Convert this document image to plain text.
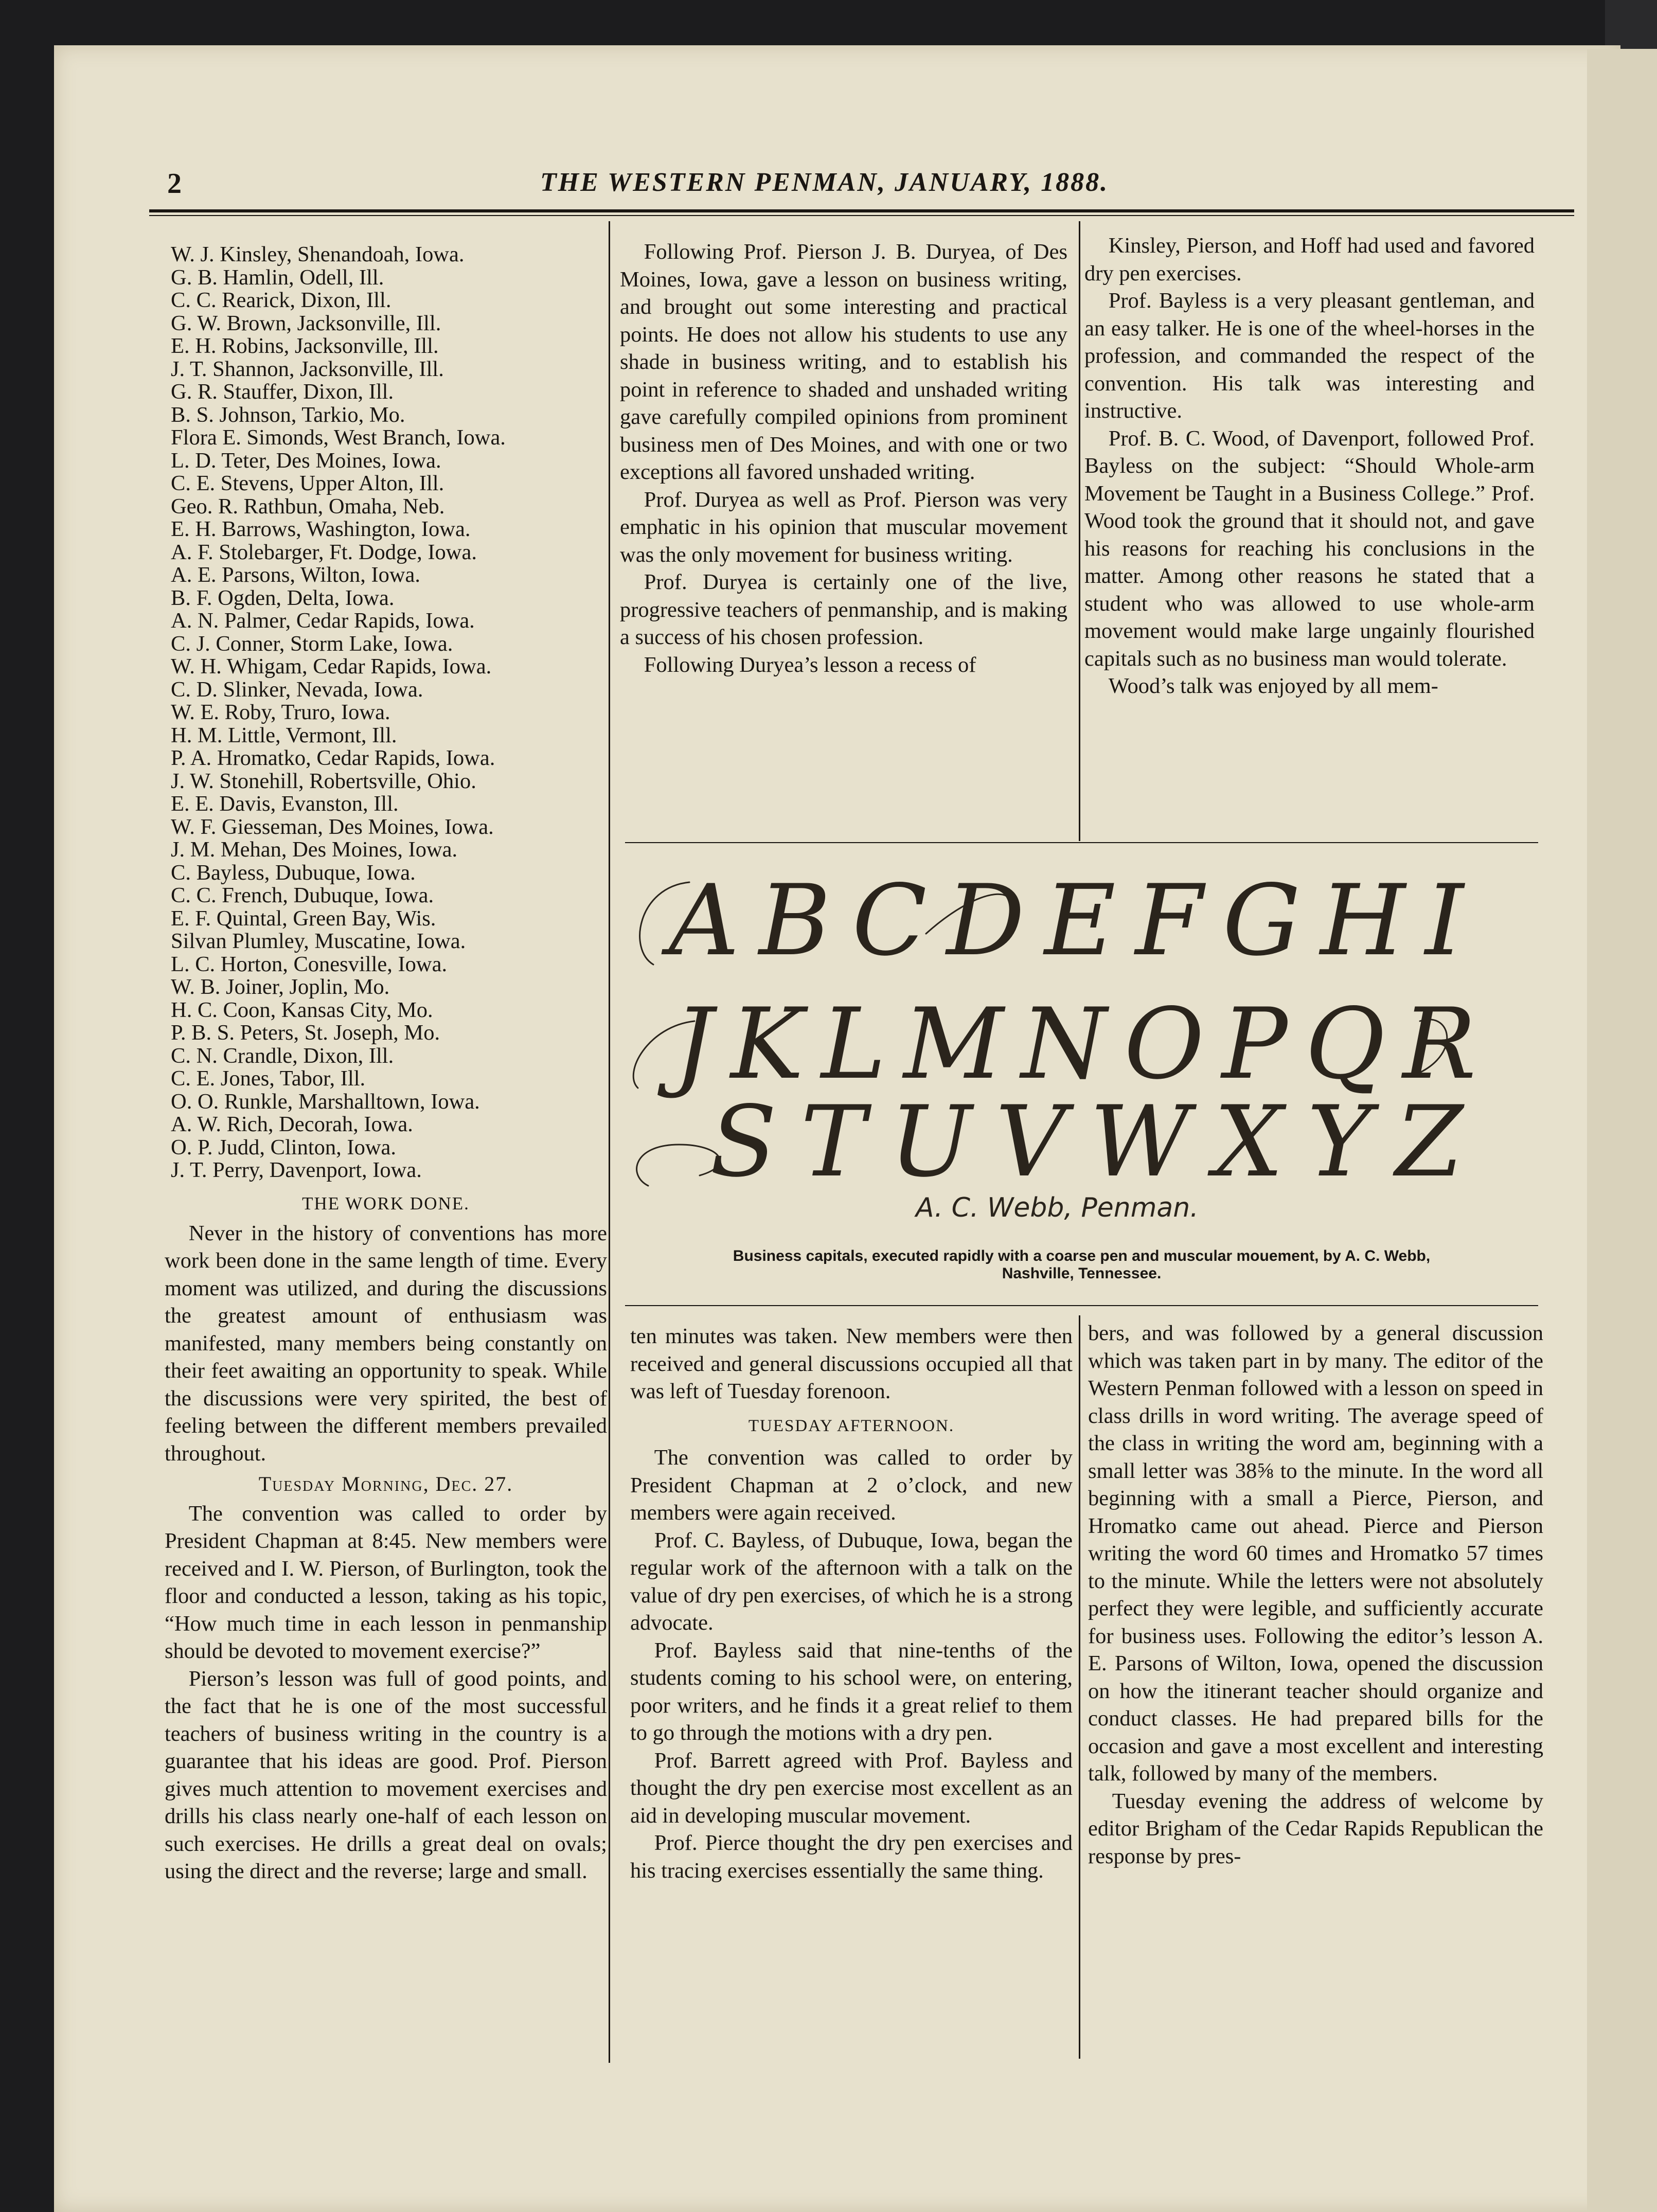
2	THE WESTERN PENMAN, JANUARY, 1888.
W. J. Kinsley, Shenandoah, Iowa.
G. B. Hamlin, Odell, Ill.
C. C. Rearick, Dixon, Ill.
G. W. Brown, Jacksonville, Ill.
E. H. Robins, Jacksonville, Ill.
J. T. Shannon, Jacksonville, Ill.
G. R. Stauffer, Dixon, Ill.
B. S. Johnson, Tarkio, Mo.
Flora E. Simonds, West Branch, Iowa.
L. D. Teter, Des Moines, Iowa.
C. E. Stevens, Upper Alton, Ill.
Geo. R. Rathbun, Omaha, Neb.
E. H. Barrows, Washington, Iowa.
A. F. Stolebarger, Ft. Dodge, Iowa.
A. E. Parsons, Wilton, Iowa.
B. F. Ogden, Delta, Iowa.
A. N. Palmer, Cedar Rapids, Iowa.
C. J. Conner, Storm Lake, Iowa.
W. H. Whigam, Cedar Rapids, Iowa.
C. D. Slinker, Nevada, Iowa.
W. E. Roby, Truro, Iowa.
H. M. Little, Vermont, Ill.
P. A. Hromatko, Cedar Rapids, Iowa.
J. W. Stonehill, Robertsville, Ohio.
E. E. Davis, Evanston, Ill.
W. F. Giesseman, Des Moines, Iowa.
J. M. Mehan, Des Moines, Iowa.
C. Bayless, Dubuque, Iowa.
C. C. French, Dubuque, Iowa.
E. F. Quintal, Green Bay, Wis.
Silvan Plumley, Muscatine, Iowa.
L. C. Horton, Conesville, Iowa.
W. B. Joiner, Joplin, Mo.
H. C. Coon, Kansas City, Mo.
P. B. S. Peters, St. Joseph, Mo.
C. N. Crandle, Dixon, Ill.
C. E. Jones, Tabor, Ill.
O. O. Runkle, Marshalltown, Iowa.
A. W. Rich, Decorah, Iowa.
O. P. Judd, Clinton, Iowa.
J. T. Perry, Davenport, Iowa.

THE WORK DONE.

Never in the history of conventions has more work been done in the same length of time. Every moment was utilized, and during the discussions the greatest amount of enthusiasm was manifested, many members being constantly on their feet awaiting an opportunity to speak. While the discussions were very spirited, the best of feeling between the different members prevailed throughout.

Tuesday Morning, Dec. 27.

The convention was called to order by President Chapman at 8:45. New members were received and I. W. Pierson, of Burlington, took the floor and conducted a lesson, taking as his topic, “How much time in each lesson in penmanship should be devoted to movement exercise?”

Pierson’s lesson was full of good points, and the fact that he is one of the most successful teachers of business writing in the country is a guarantee that his ideas are good. Prof. Pierson gives much attention to movement exercises and drills his class nearly one-half of each lesson on such exercises. He drills a great deal on ovals; using the direct and the reverse; large and small.

Following Prof. Pierson J. B. Duryea, of Des Moines, Iowa, gave a lesson on business writing, and brought out some interesting and practical points. He does not allow his students to use any shade in business writing, and to establish his point in reference to shaded and unshaded writing gave carefully compiled opinions from prominent business men of Des Moines, and with one or two exceptions all favored unshaded writing.

Prof. Duryea as well as Prof. Pierson was very emphatic in his opinion that muscular movement was the only movement for business writing.

Prof. Duryea is certainly one of the live, progressive teachers of penmanship, and is making a success of his chosen profession.

Following Duryea’s lesson a recess of

Kinsley, Pierson, and Hoff had used and favored dry pen exercises.

Prof. Bayless is a very pleasant gentleman, and an easy talker. He is one of the wheel-horses in the profession, and commanded the respect of the convention. His talk was interesting and instructive.

Prof. B. C. Wood, of Davenport, followed Prof. Bayless on the subject: “Should Whole-arm Movement be Taught in a Business College.” Prof. Wood took the ground that it should not, and gave his reasons for reaching his conclusions in the matter. Among other reasons he stated that a student who was allowed to use whole-arm movement would make large ungainly flourished capitals such as no business man would tolerate.

Wood’s talk was enjoyed by all mem-

ABCDEFGHI
JKLMNOPQR
STUVWXYZ
A. C. Webb, Penman.
Business capitals, executed rapidly with a coarse pen and muscular mouement, by A. C. Webb,
Nashville, Tennessee.

ten minutes was taken. New members were then received and general discussions occupied all that was left of Tuesday forenoon.

TUESDAY AFTERNOON.

The convention was called to order by President Chapman at 2 o’clock, and new members were again received.

Prof. C. Bayless, of Dubuque, Iowa, began the regular work of the afternoon with a talk on the value of dry pen exercises, of which he is a strong advocate.

Prof. Bayless said that nine-tenths of the students coming to his school were, on entering, poor writers, and he finds it a great relief to them to go through the motions with a dry pen.

Prof. Barrett agreed with Prof. Bayless and thought the dry pen exercise most excellent as an aid in developing muscular movement.

Prof. Pierce thought the dry pen exercises and his tracing exercises essentially the same thing.

bers, and was followed by a general discussion which was taken part in by many. The editor of the Western Penman followed with a lesson on speed in class drills in word writing. The average speed of the class in writing the word am, beginning with a small letter was 38⅝ to the minute. In the word all beginning with a small a Pierce, Pierson, and Hromatko came out ahead. Pierce and Pierson writing the word 60 times and Hromatko 57 times to the minute. While the letters were not absolutely perfect they were legible, and sufficiently accurate for business uses. Following the editor’s lesson A. E. Parsons of Wilton, Iowa, opened the discussion on how the itinerant teacher should organize and conduct classes. He had prepared bills for the occasion and gave a most excellent and interesting talk, followed by many of the members.

Tuesday evening the address of welcome by editor Brigham of the Cedar Rapids Republican the response by pres-
